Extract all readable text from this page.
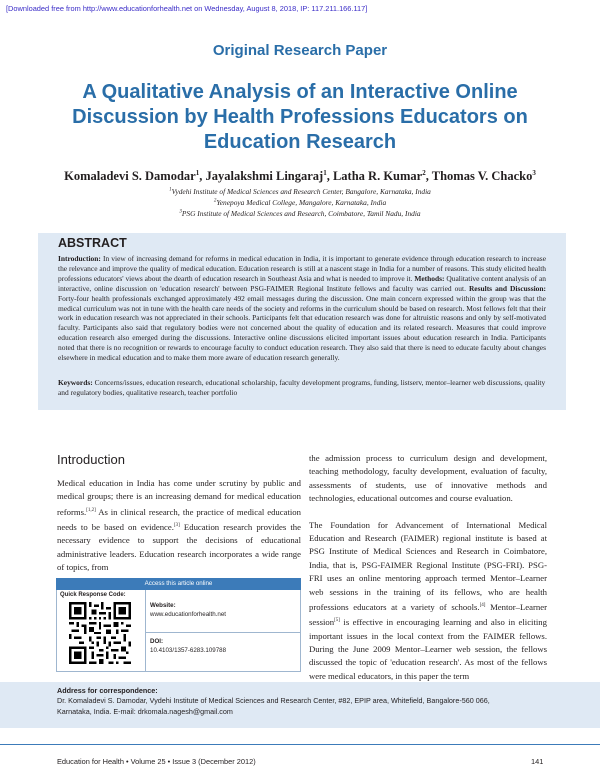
[Downloaded free from http://www.educationforhealth.net on Wednesday, August 8, 2018, IP: 117.211.166.117]
Original Research Paper
A Qualitative Analysis of an Interactive Online Discussion by Health Professions Educators on Education Research
Komaladevi S. Damodar$^1$, Jayalakshmi Lingaraj$^1$, Latha R. Kumar$^2$, Thomas V. Chacko$^3$
$^1$Vydehi Institute of Medical Sciences and Research Center, Bangalore, Karnataka, India
$^2$Yenepoya Medical College, Mangalore, Karnataka, India
$^3$PSG Institute of Medical Sciences and Research, Coimbatore, Tamil Nadu, India
ABSTRACT
Introduction: In view of increasing demand for reforms in medical education in India, it is important to generate evidence through education research to increase the relevance and improve the quality of medical education. Education research is still at a nascent stage in India for a number of reasons. This study elicited health professions educators' views about the dearth of education research in Southeast Asia and what is needed to improve it. Methods: Qualitative content analysis of an interactive, online discussion on 'education research' between PSG-FAIMER Regional Institute fellows and faculty was carried out. Results and Discussion: Forty-four health professionals exchanged approximately 492 email messages during the discussion. One main concern expressed within the group was that the medical curriculum was not in tune with the health care needs of the society and reforms in the curriculum should be based on research. Most fellows felt that their work in education research was not appreciated in their schools. Participants felt that education research was done for altruistic reasons and only by self-motivated faculty. Participants also said that regulatory bodies were not concerned about the quality of education and its related research. Measures that could improve education research also emerged during the discussions. Interactive online discussions elicited important issues about education research in India. Participants noted that there is no recognition or rewards to encourage faculty to conduct education research. They also said that there is need to educate faculty about changes elsewhere in medical education and to make them more aware of education research generally.
Keywords: Concerns/issues, education research, educational scholarship, faculty development programs, funding, listserv, mentor–learner web discussions, quality and regulatory bodies, qualitative research, teacher portfolio
Introduction

Medical education in India has come under scrutiny by public and medical groups; there is an increasing demand for medical education reforms.[1,2] As in clinical research, the practice of medical education needs to be based on evidence.[3] Education research provides the necessary evidence to support the decisions of educational administrative leaders. Education research incorporates a wide range of topics, from

the admission process to curriculum design and development, teaching methodology, faculty development, evaluation of faculty, assessments of students, use of innovative methods and technologies, educational outcomes and course evaluation.

The Foundation for Advancement of International Medical Education and Research (FAIMER) regional institute is based at PSG Institute of Medical Sciences and Research in Coimbatore, India, that is, PSG-FAIMER Regional Institute (PSG-FRI). PSG-FRI uses an online mentoring approach termed Mentor–Learner web sessions in the training of its fellows, who are health professions educators at a variety of schools.[4] Mentor–Learner session[5] is effective in encouraging learning and also in eliciting important issues in the local context from the FAIMER fellows. During the June 2009 Mentor–Learner web session, the fellows discussed the topic of 'education research'. As most of the fellows were medical educators, in this paper the term

Access this article online
Quick Response Code:
Website:
www.educationforhealth.net
DOI:
10.4103/1357-6283.109788
Address for correspondence:
Dr. Komaladevi S. Damodar, Vydehi Institute of Medical Sciences and Research Center, #82, EPIP area, Whitefield, Bangalore-560 066,
Karnataka, India. E-mail: drkomala.nagesh@gmail.com
Education for Health • Volume 25 • Issue 3 (December 2012)	141
